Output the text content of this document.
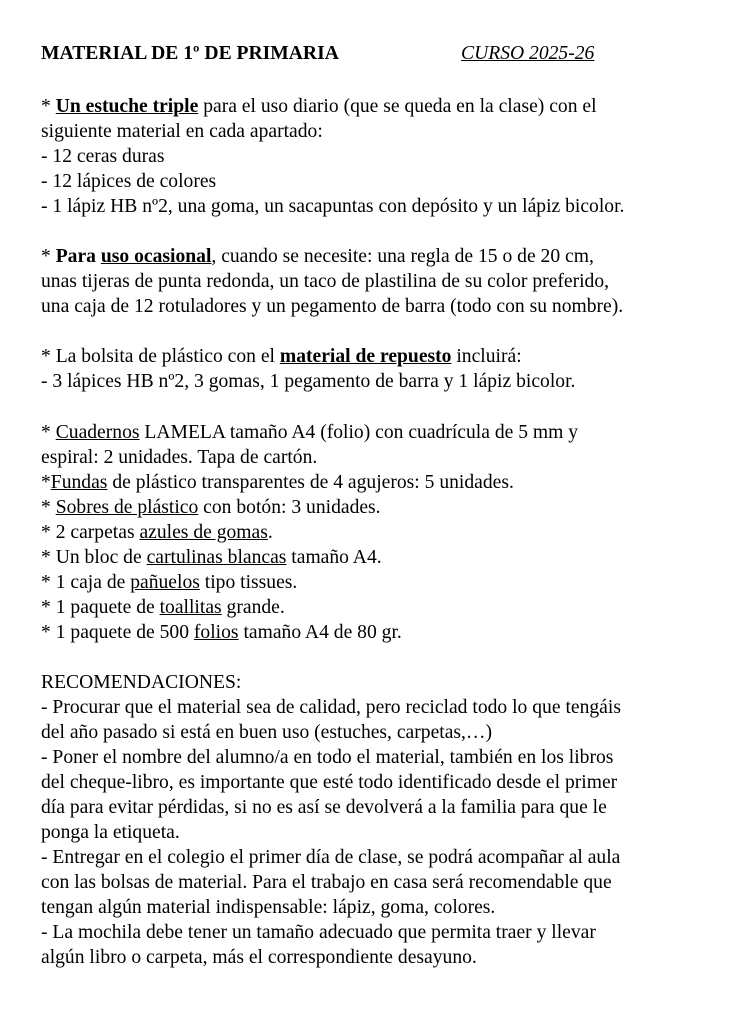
MATERIAL DE 1º DE PRIMARIA	CURSO 2025-26
* Un estuche triple para el uso diario (que se queda en la clase) con el
siguiente material en cada apartado:
- 12 ceras duras
- 12 lápices de colores
- 1 lápiz HB nº2, una goma, un sacapuntas con depósito y un lápiz bicolor.
* Para uso ocasional, cuando se necesite: una regla de 15 o de 20 cm,
unas tijeras de punta redonda, un taco de plastilina de su color preferido,
una caja de 12 rotuladores y un pegamento de barra (todo con su nombre).
* La bolsita de plástico con el material de repuesto incluirá:
- 3 lápices HB nº2, 3 gomas, 1 pegamento de barra y 1 lápiz bicolor.
* Cuadernos LAMELA tamaño A4 (folio) con cuadrícula de 5 mm y
espiral: 2 unidades. Tapa de cartón.
*Fundas de plástico transparentes de 4 agujeros: 5 unidades.
* Sobres de plástico con botón: 3 unidades.
* 2 carpetas azules de gomas.
* Un bloc de cartulinas blancas tamaño A4.
* 1 caja de pañuelos tipo tissues.
* 1 paquete de toallitas grande.
* 1 paquete de 500 folios tamaño A4 de 80 gr.
RECOMENDACIONES:
- Procurar que el material sea de calidad, pero reciclad todo lo que tengáis
del año pasado si está en buen uso (estuches, carpetas,…)
- Poner el nombre del alumno/a en todo el material, también en los libros
del cheque-libro, es importante que esté todo identificado desde el primer
día para evitar pérdidas, si no es así se devolverá a la familia para que le
ponga la etiqueta.
- Entregar en el colegio el primer día de clase, se podrá acompañar al aula
con las bolsas de material. Para el trabajo en casa será recomendable que
tengan algún material indispensable: lápiz, goma, colores.
- La mochila debe tener un tamaño adecuado que permita traer y llevar
algún libro o carpeta, más el correspondiente desayuno.
